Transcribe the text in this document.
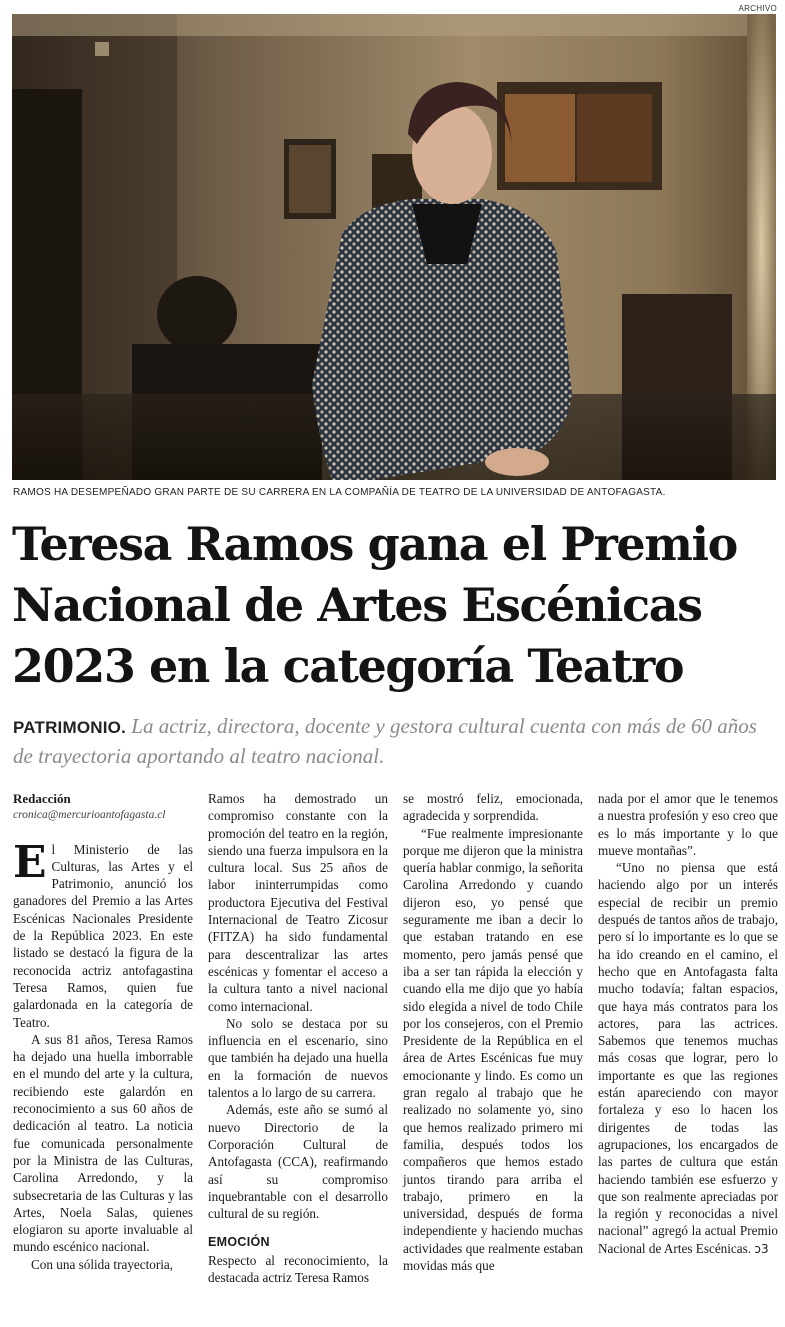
ARCHIVO
RAMOS HA DESEMPEÑADO GRAN PARTE DE SU CARRERA EN LA COMPAÑÍA DE TEATRO DE LA UNIVERSIDAD DE ANTOFAGASTA.
Teresa Ramos gana el Premio
Nacional de Artes Escénicas
2023 en la categoría Teatro
PATRIMONIO. La actriz, directora, docente y gestora cultural cuenta con más de 60 años de trayectoria aportando al teatro nacional.
Redacción
cronica@mercurioantofagasta.cl

El Ministerio de las Culturas, las Artes y el Patrimonio, anunció los ganadores del Premio a las Artes Escénicas Nacionales Presidente de la República 2023. En este listado se destacó la figura de la reconocida actriz antofagastina Teresa Ramos, quien fue galardonada en la categoría de Teatro.

A sus 81 años, Teresa Ramos ha dejado una huella imborrable en el mundo del arte y la cultura, recibiendo este galardón en reconocimiento a sus 60 años de dedicación al teatro. La noticia fue comunicada personalmente por la Ministra de las Culturas, Carolina Arredondo, y la subsecretaria de las Culturas y las Artes, Noela Salas, quienes elogiaron su aporte invaluable al mundo escénico nacional.

Con una sólida trayectoria,

Ramos ha demostrado un compromiso constante con la promoción del teatro en la región, siendo una fuerza impulsora en la cultura local. Sus 25 años de labor ininterrumpidas como productora Ejecutiva del Festival Internacional de Teatro Zicosur (FITZA) ha sido fundamental para descentralizar las artes escénicas y fomentar el acceso a la cultura tanto a nivel nacional como internacional.

No solo se destaca por su influencia en el escenario, sino que también ha dejado una huella en la formación de nuevos talentos a lo largo de su carrera.

Además, este año se sumó al nuevo Directorio de la Corporación Cultural de Antofagasta (CCA), reafirmando así su compromiso inquebrantable con el desarrollo cultural de su región.

EMOCIÓN

Respecto al reconocimiento, la destacada actriz Teresa Ramos

se mostró feliz, emocionada, agradecida y sorprendida.

“Fue realmente impresionante porque me dijeron que la ministra quería hablar conmigo, la señorita Carolina Arredondo y cuando dijeron eso, yo pensé que seguramente me iban a decir lo que estaban tratando en ese momento, pero jamás pensé que iba a ser tan rápida la elección y cuando ella me dijo que yo había sido elegida a nivel de todo Chile por los consejeros, con el Premio Presidente de la República en el área de Artes Escénicas fue muy emocionante y lindo. Es como un gran regalo al trabajo que he realizado no solamente yo, sino que hemos realizado primero mi familia, después todos los compañeros que hemos estado juntos tirando para arriba el trabajo, primero en la universidad, después de forma independiente y haciendo muchas actividades que realmente estaban movidas más que

nada por el amor que le tenemos a nuestra profesión y eso creo que es lo más importante y lo que mueve montañas”.

“Uno no piensa que está haciendo algo por un interés especial de recibir un premio después de tantos años de trabajo, pero sí lo importante es lo que se ha ido creando en el camino, el hecho que en Antofagasta falta mucho todavía; faltan espacios, que haya más contratos para los actores, para las actrices. Sabemos que tenemos muchas más cosas que lograr, pero lo importante es que las regiones están apareciendo con mayor fortaleza y eso lo hacen los dirigentes de todas las agrupaciones, los encargados de las partes de cultura que están haciendo también ese esfuerzo y que son realmente apreciadas por la región y reconocidas a nivel nacional” agregó la actual Premio Nacional de Artes Escénicas. ↄ3
